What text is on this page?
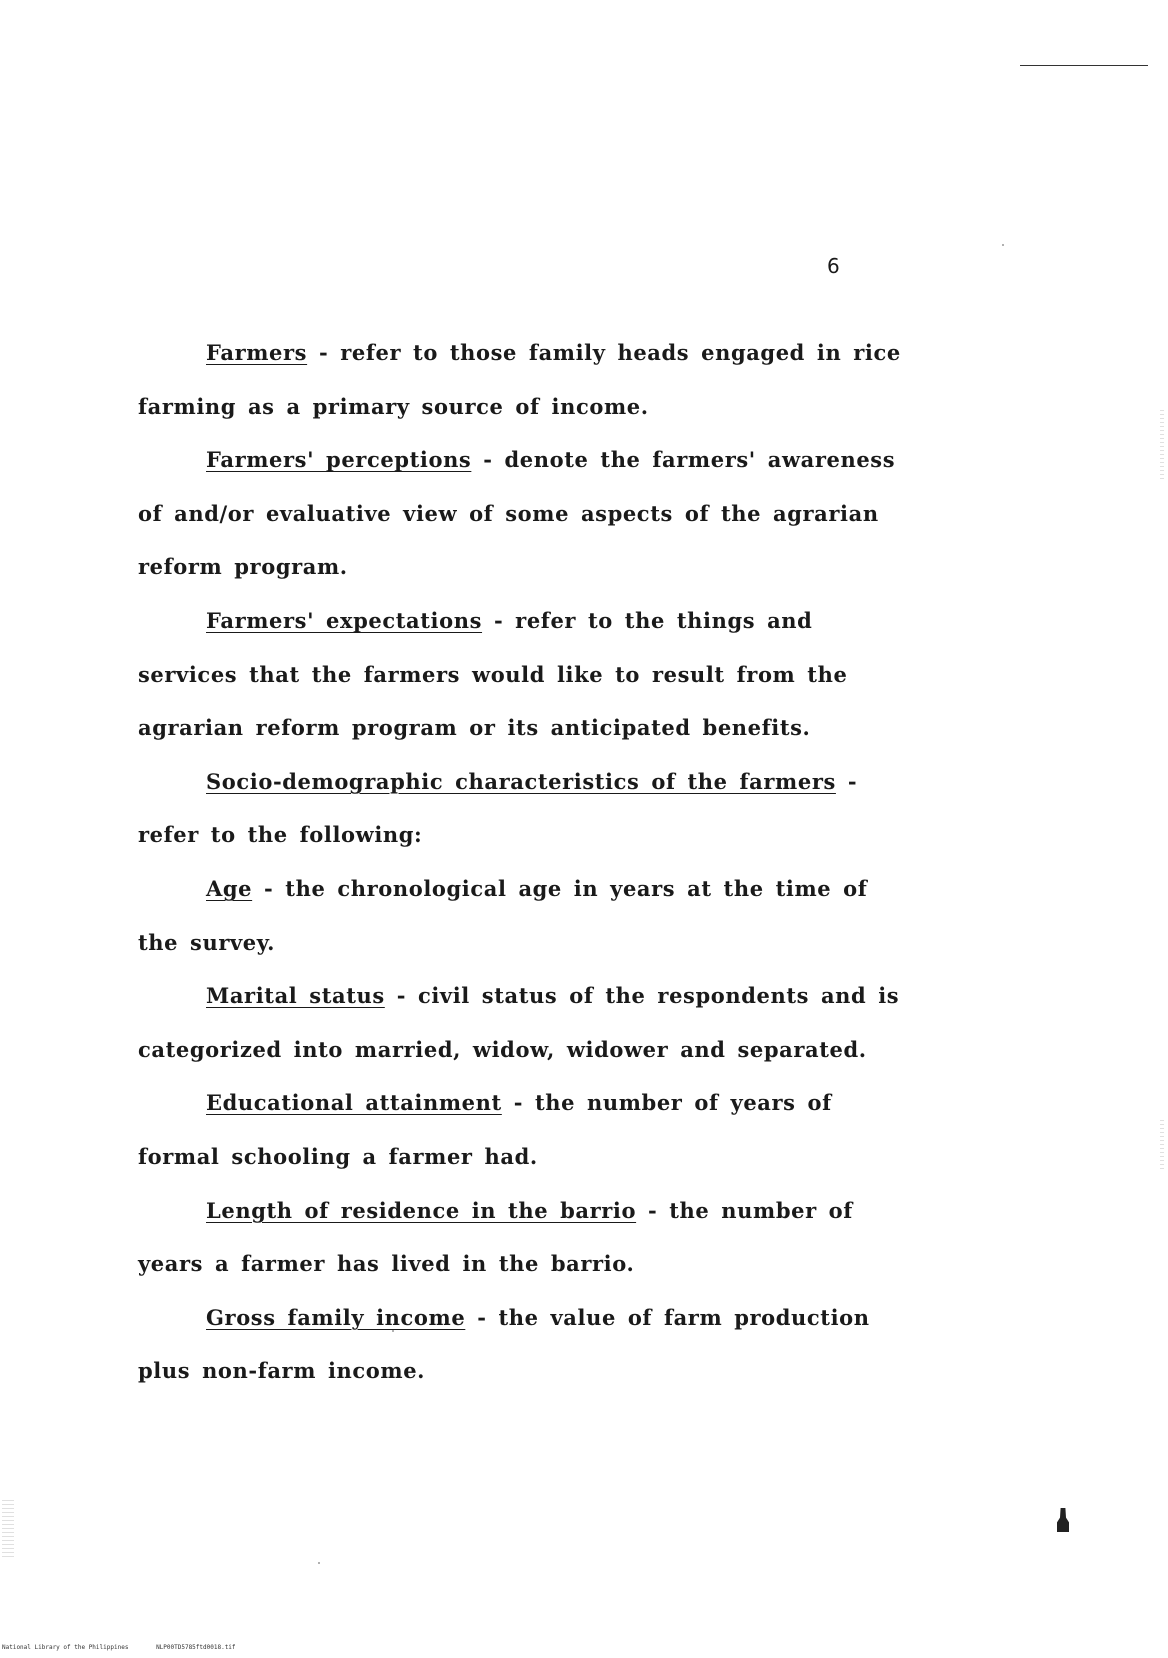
6

Farmers - refer to those family heads engaged in rice farming as a primary source of income.

Farmers' perceptions - denote the farmers' awareness of and/or evaluative view of some aspects of the agrarian reform program.

Farmers' expectations - refer to the things and services that the farmers would like to result from the agrarian reform program or its anticipated benefits.

Socio-demographic characteristics of the farmers - refer to the following:

Age - the chronological age in years at the time of the survey.

Marital status - civil status of the respondents and is categorized into married, widow, widower and separated.

Educational attainment - the number of years of formal schooling a farmer had.

Length of residence in the barrio - the number of years a farmer has lived in the barrio.

Gross family income - the value of farm production plus non-farm income.

National Library of the Philippines	NLP00TD5785ftd0018.tif
